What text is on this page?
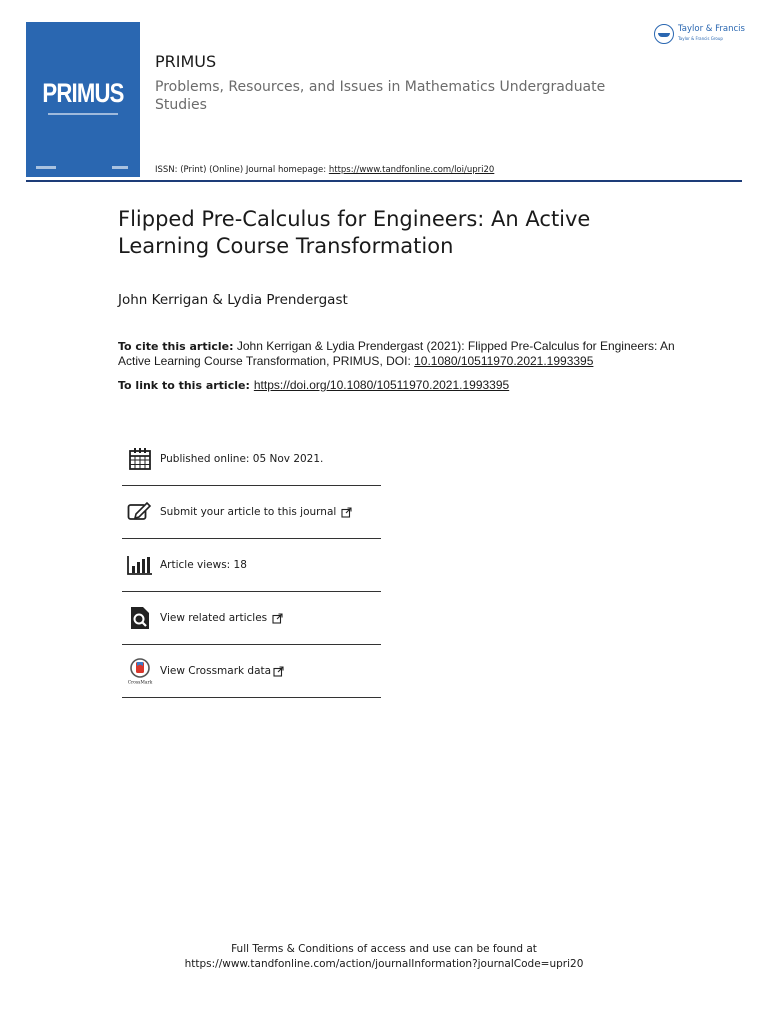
PRIMUS
PRIMUS
Problems, Resources, and Issues in Mathematics Undergraduate Studies
ISSN: (Print) (Online) Journal homepage: https://www.tandfonline.com/loi/upri20
Taylor & Francis
Taylor & Francis Group
Flipped Pre-Calculus for Engineers: An Active Learning Course Transformation
John Kerrigan & Lydia Prendergast
To cite this article: John Kerrigan & Lydia Prendergast (2021): Flipped Pre-Calculus for Engineers: An Active Learning Course Transformation, PRIMUS, DOI: 10.1080/10511970.2021.1993395
To link to this article: https://doi.org/10.1080/10511970.2021.1993395
Published online: 05 Nov 2021.
Submit your article to this journal
Article views: 18
View related articles
CrossMark
View Crossmark data
Full Terms & Conditions of access and use can be found at
https://www.tandfonline.com/action/journalInformation?journalCode=upri20
